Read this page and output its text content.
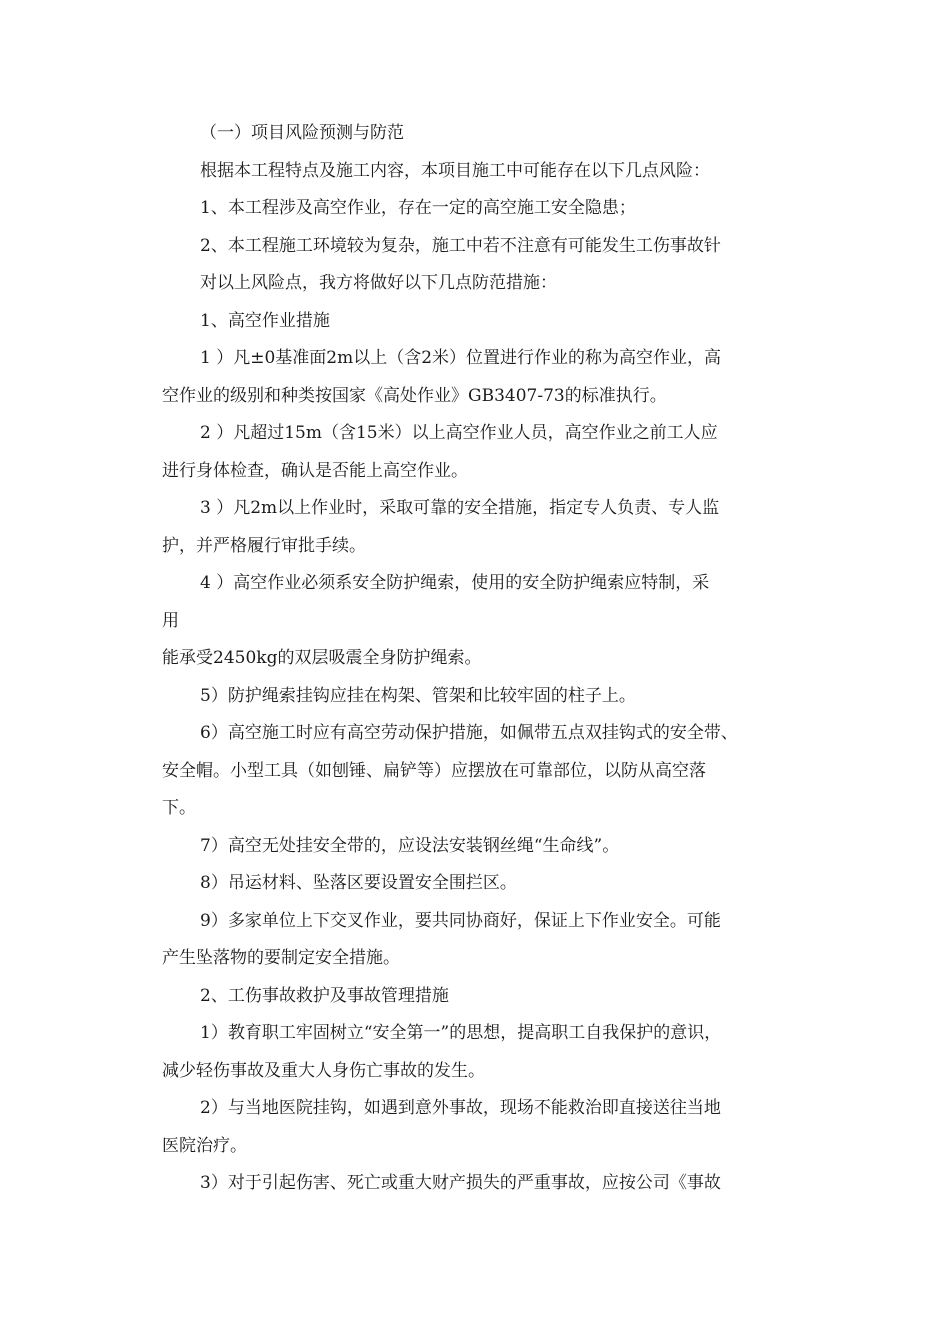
（一）项目风险预测与防范
根据本工程特点及施工内容，本项目施工中可能存在以下几点风险：
1、本工程涉及高空作业，存在一定的高空施工安全隐患；
2、本工程施工环境较为复杂，施工中若不注意有可能发生工伤事故针
对以上风险点，我方将做好以下几点防范措施：
1、高空作业措施
1 ）凡±0基准面2m以上（含2米）位置进行作业的称为高空作业，高
空作业的级别和种类按国家《高处作业》GB3407-73的标准执行。
2 ）凡超过15m（含15米）以上高空作业人员，高空作业之前工人应
进行身体检查，确认是否能上高空作业。
3 ）凡2m以上作业时，采取可靠的安全措施，指定专人负责、专人监
护，并严格履行审批手续。
4 ）高空作业必须系安全防护绳索，使用的安全防护绳索应特制，采
用
能承受2450kg的双层吸震全身防护绳索。
5）防护绳索挂钩应挂在构架、管架和比较牢固的柱子上。
6）高空施工时应有高空劳动保护措施，如佩带五点双挂钩式的安全带、
安全帽。小型工具（如刨锤、扁铲等）应摆放在可靠部位，以防从高空落
下。
7）高空无处挂安全带的，应设法安装钢丝绳“生命线”。
8）吊运材料、坠落区要设置安全围拦区。
9）多家单位上下交叉作业，要共同协商好，保证上下作业安全。可能
产生坠落物的要制定安全措施。
2、工伤事故救护及事故管理措施
1）教育职工牢固树立“安全第一”的思想，提高职工自我保护的意识，
减少轻伤事故及重大人身伤亡事故的发生。
2）与当地医院挂钩，如遇到意外事故，现场不能救治即直接送往当地
医院治疗。
3）对于引起伤害、死亡或重大财产损失的严重事故，应按公司《事故
